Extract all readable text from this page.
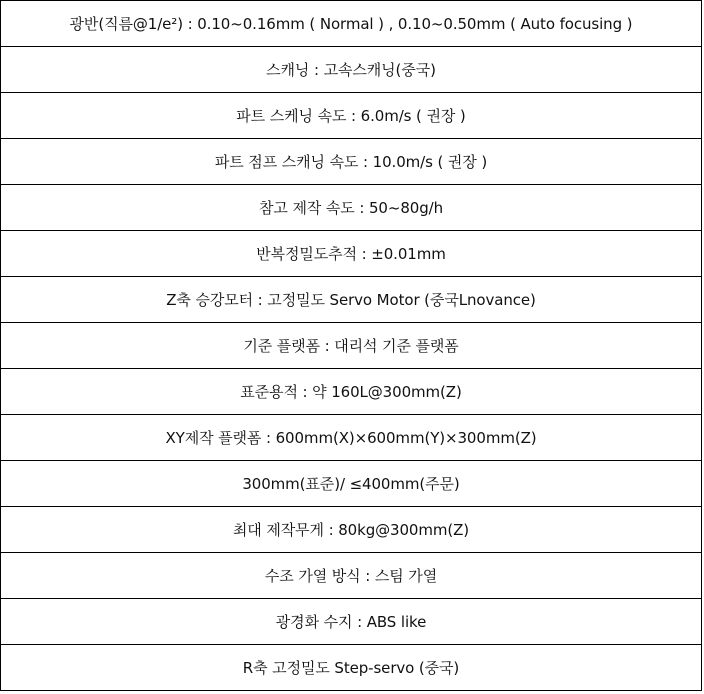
광반(직름@1/e²) : 0.10~0.16mm ( Normal ) , 0.10~0.50mm ( Auto focusing )
스캐닝 : 고속스캐닝(중국)
파트 스케닝 속도 : 6.0m/s ( 권장 )
파트 점프 스캐닝 속도 : 10.0m/s ( 권장 )
참고 제작 속도 : 50~80g/h
반복정밀도추적 : ±0.01mm
Z축 승강모터 : 고정밀도 Servo Motor (중국Lnovance)
기준 플랫폼 : 대리석 기준 플랫폼
표준용적 : 약 160L@300mm(Z)
XY제작 플랫폼 : 600mm(X)×600mm(Y)×300mm(Z)
300mm(표준)/ ≤400mm(주문)
최대 제작무게 : 80kg@300mm(Z)
수조 가열 방식 : 스팀 가열
광경화 수지 : ABS like
R축 고정밀도 Step-servo (중국)
